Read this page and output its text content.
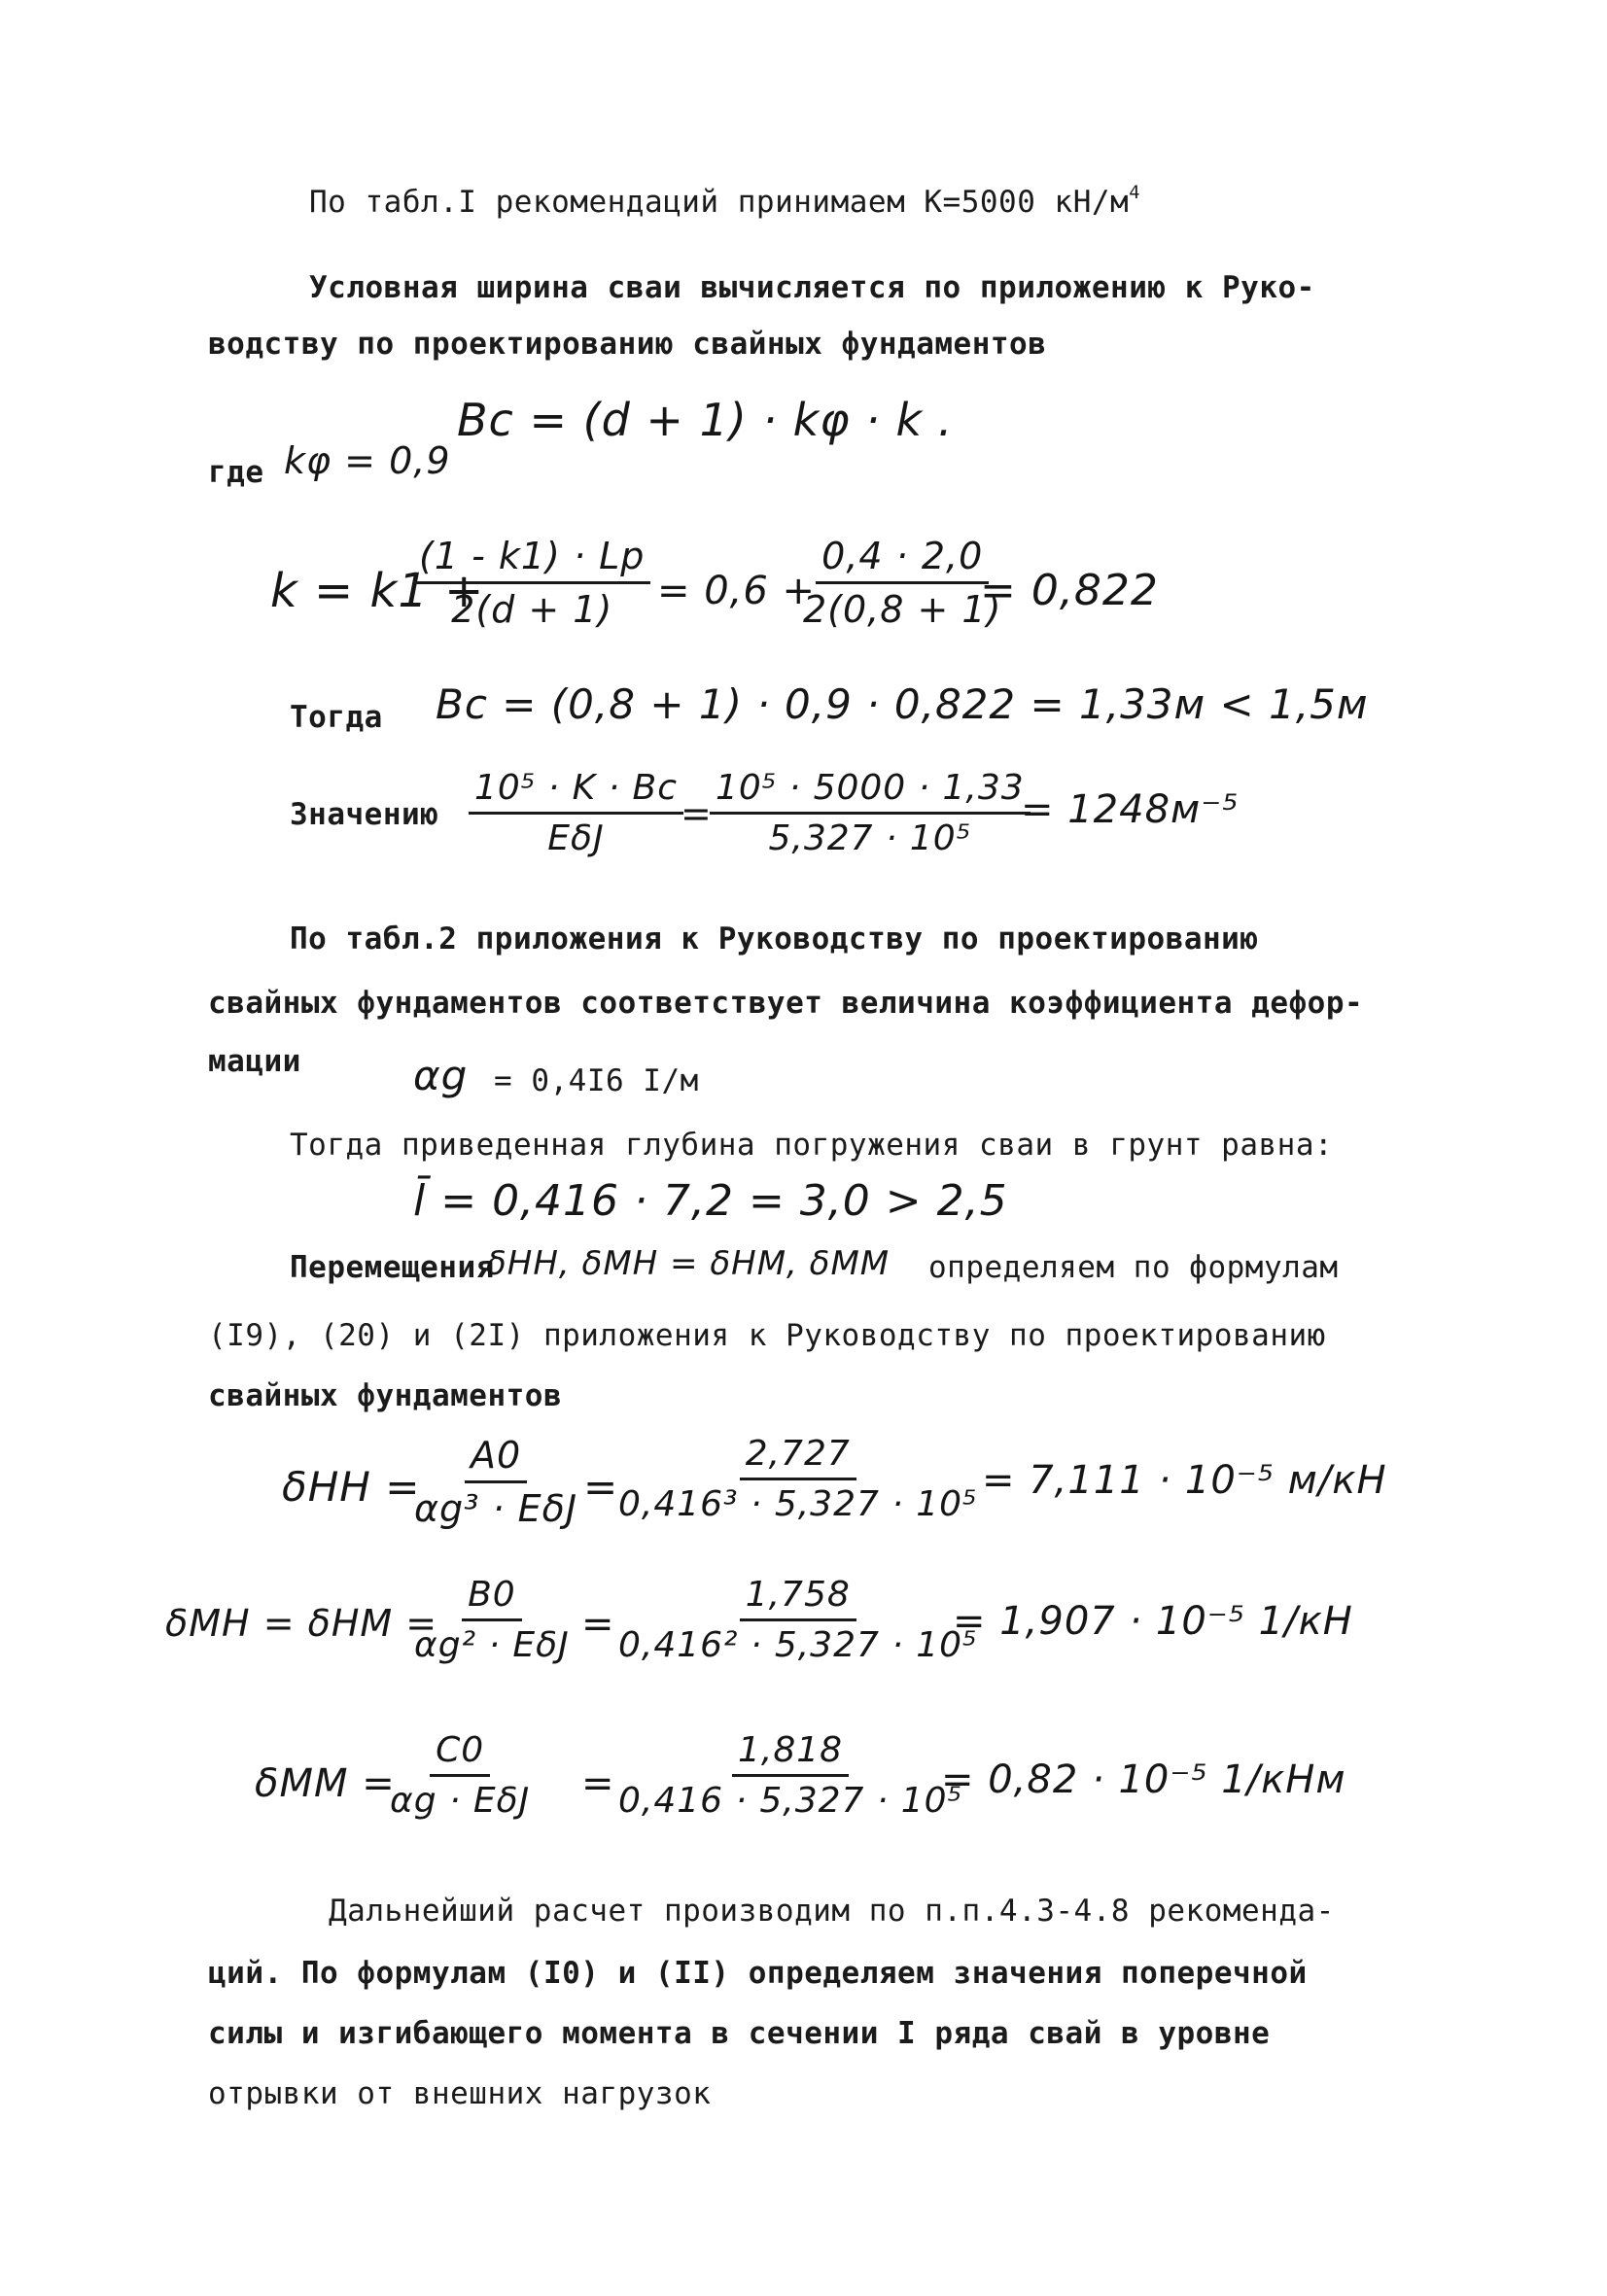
По табл.I рекомендаций принимаем K=5000 $кН/м^4$
Условная ширина сваи вычисляется по приложению к Руко-
водству по проектированию свайных фундаментов
Bc = (d + 1) · kφ · k .
где kφ = 0,9
k = k1 +
$\frac{(1 - k1) \cdot Lp}{2(d + 1)} = 0,6$ +
$\frac{0,4 \cdot 2,0}{2(0,8 + 1)}$
= 0,822
Тогда Bc = (0,8 + 1) · 0,9 · 0,822 = 1,33м < 1,5м
Значению
10⁵ · K · Bc
EδJ
=
$\frac{\text{10⁵ · 5000 · 1,33}}{\text{5,327 · 10⁵}}$
= 1248м⁻⁵
По табл.2 приложения к Руководству по проектированию
свайных фундаментов соответствует величина коэффициента дефор-
мации	αg = 0,4I6 I/м
Тогда приведенная глубина погружения сваи в грунт равна:
l̄ = 0,416 · 7,2 = 3,0 > 2,5
Перемещения
δHH, δMH = δHM, δMM определяем по формулам
(I9), (20) и (2I) приложения к Руководству по проектированию
свайных фундаментов
δHH =
A0
αg³ · EδJ =
$\frac{2,727}{\text{0,416³ · 5,327 · 10⁵}}$
= 7,111 · 10⁻⁵ м/кН
δMH = δHM =
B0
αg² · EδJ =
$\frac{1,758}{\text{0,416² · 5,327 · 10⁵}}$
= 1,907 · 10⁻⁵ 1/кН
δMM =
C0
αg · EδJ =
$\frac{1,818}{\text{0,416 · 5,327 · 10⁵}}$
= 0,82 · 10⁻⁵ 1/кНм
Дальнейший расчет производим по п.п.4.3-4.8 рекоменда-
ций. По формулам (I0) и (II) определяем значения поперечной
силы и изгибающего момента в сечении I ряда свай в уровне
отрывки от внешних нагрузок
